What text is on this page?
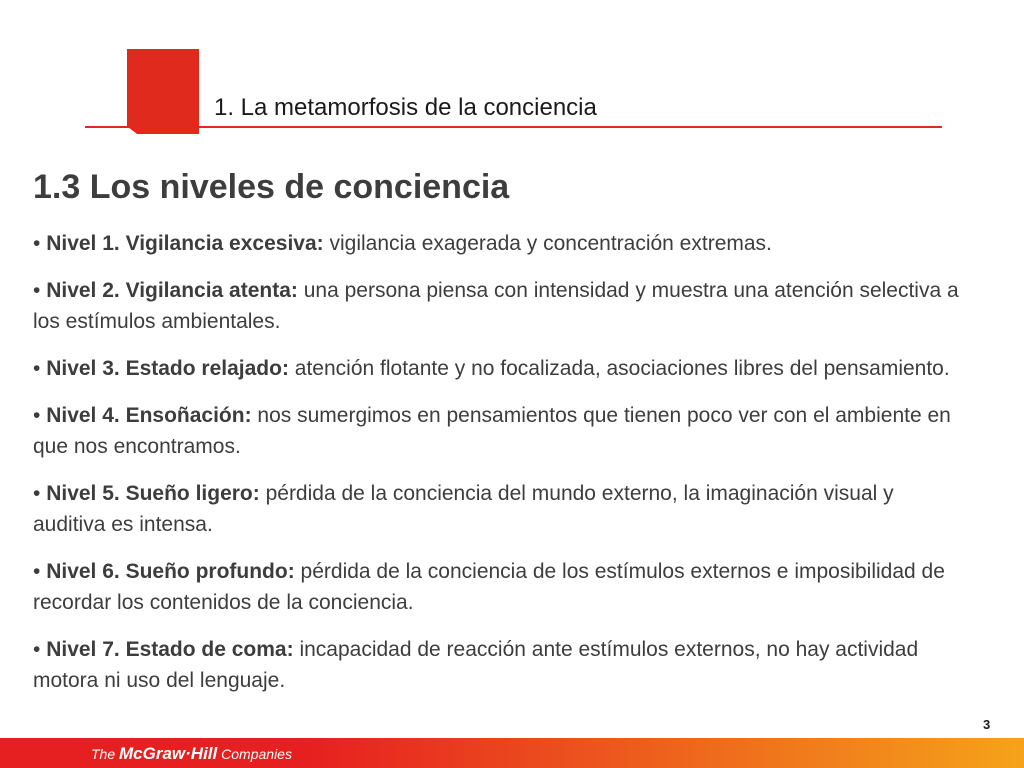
1. La metamorfosis de la conciencia
1.3 Los niveles de conciencia
• Nivel 1. Vigilancia excesiva: vigilancia exagerada y concentración extremas.
• Nivel 2. Vigilancia atenta: una persona piensa con intensidad y muestra una atención selectiva a los estímulos ambientales.
• Nivel 3. Estado relajado: atención flotante y no focalizada, asociaciones libres del pensamiento.
• Nivel 4. Ensoñación: nos sumergimos en pensamientos que tienen poco ver con el ambiente en que nos encontramos.
• Nivel 5. Sueño ligero: pérdida de la conciencia del mundo externo, la imaginación visual y auditiva es intensa.
• Nivel 6. Sueño profundo: pérdida de la conciencia de los estímulos externos e imposibilidad de recordar los contenidos de la conciencia.
• Nivel 7. Estado de coma: incapacidad de reacción ante estímulos externos, no hay actividad motora ni uso del lenguaje.
3
The McGraw·Hill Companies
